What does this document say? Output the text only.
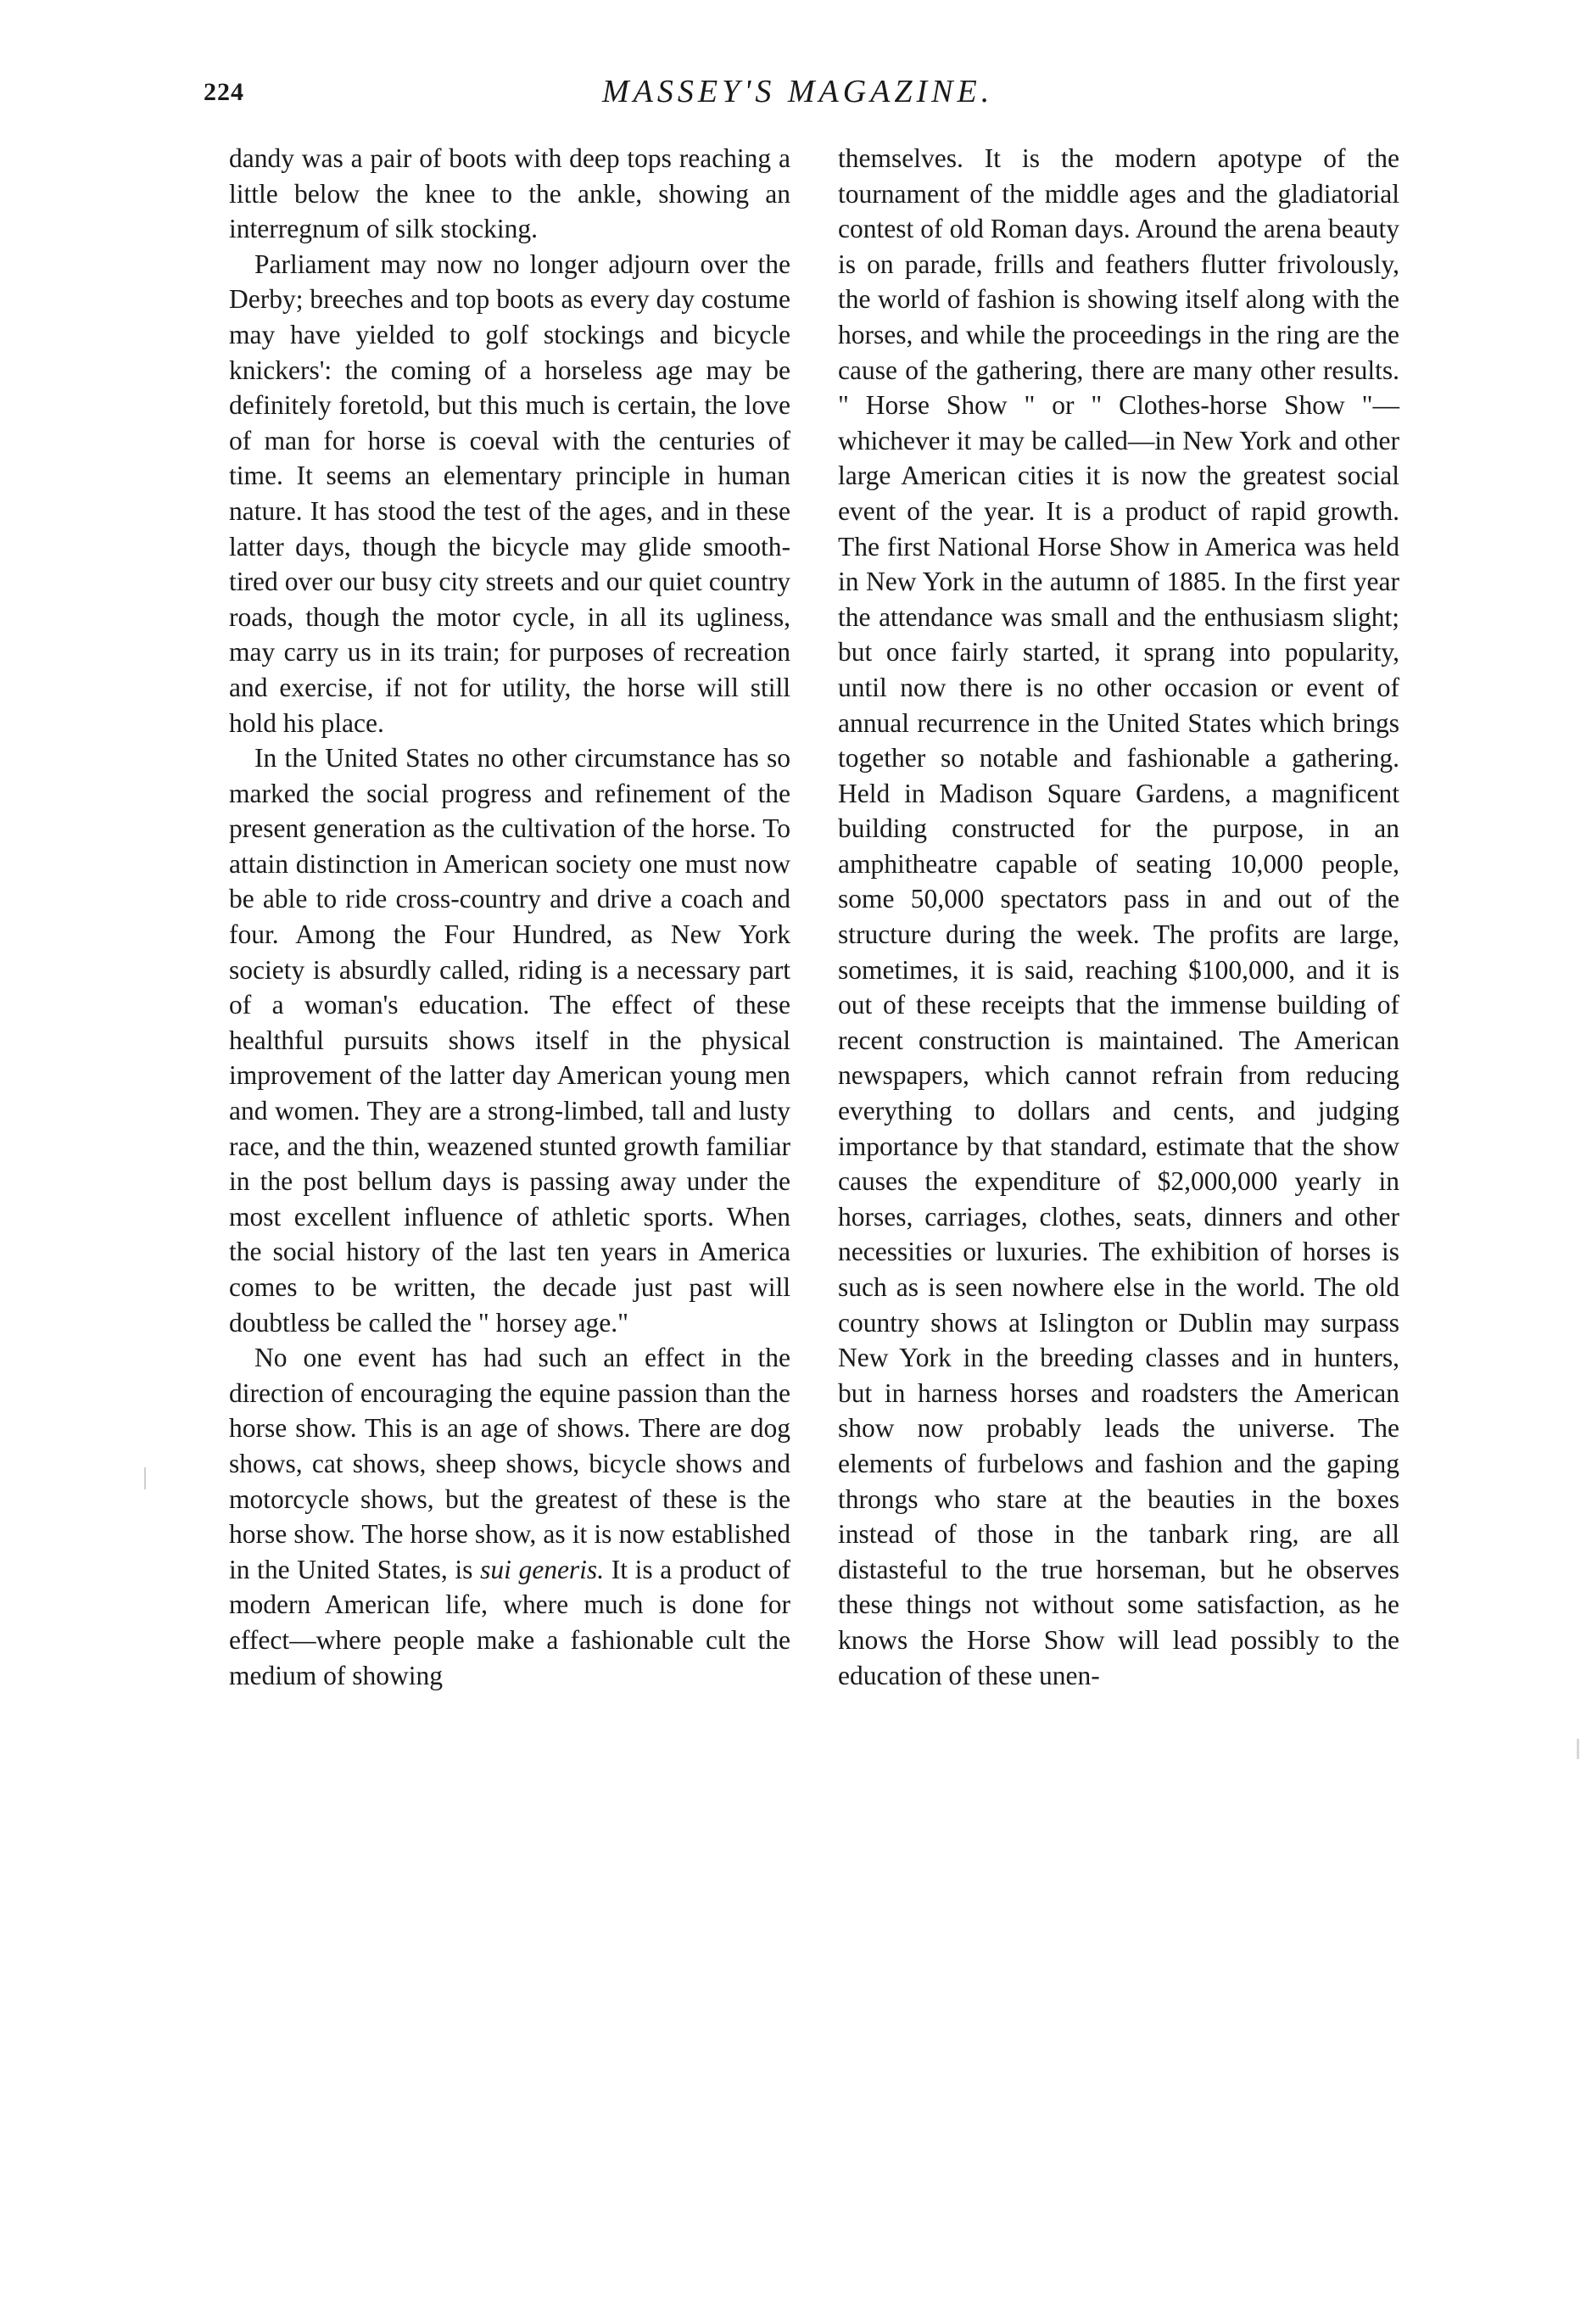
224	MASSEY'S MAGAZINE.

dandy was a pair of boots with deep tops reaching a little below the knee to the ankle, showing an interregnum of silk stocking.

Parliament may now no longer adjourn over the Derby; breeches and top boots as every day costume may have yielded to golf stockings and bicycle knickers': the coming of a horseless age may be definitely foretold, but this much is certain, the love of man for horse is coeval with the centuries of time. It seems an elementary principle in human nature. It has stood the test of the ages, and in these latter days, though the bicycle may glide smooth-tired over our busy city streets and our quiet country roads, though the motor cycle, in all its ugliness, may carry us in its train; for purposes of recreation and exercise, if not for utility, the horse will still hold his place.

In the United States no other circumstance has so marked the social progress and refinement of the present generation as the cultivation of the horse. To attain distinction in American society one must now be able to ride cross-country and drive a coach and four. Among the Four Hundred, as New York society is absurdly called, riding is a necessary part of a woman's education. The effect of these healthful pursuits shows itself in the physical improvement of the latter day American young men and women. They are a strong-limbed, tall and lusty race, and the thin, weazened stunted growth familiar in the post bellum days is passing away under the most excellent influence of athletic sports. When the social history of the last ten years in America comes to be written, the decade just past will doubtless be called the " horsey age."

No one event has had such an effect in the direction of encouraging the equine passion than the horse show. This is an age of shows. There are dog shows, cat shows, sheep shows, bicycle shows and motorcycle shows, but the greatest of these is the horse show. The horse show, as it is now established in the United States, is sui generis. It is a product of modern American life, where much is done for effect—where people make a fashionable cult the medium of showing

themselves. It is the modern apotype of the tournament of the middle ages and the gladiatorial contest of old Roman days. Around the arena beauty is on parade, frills and feathers flutter frivolously, the world of fashion is showing itself along with the horses, and while the proceedings in the ring are the cause of the gathering, there are many other results. " Horse Show " or " Clothes-horse Show "—whichever it may be called—in New York and other large American cities it is now the greatest social event of the year. It is a product of rapid growth. The first National Horse Show in America was held in New York in the autumn of 1885. In the first year the attendance was small and the enthusiasm slight; but once fairly started, it sprang into popularity, until now there is no other occasion or event of annual recurrence in the United States which brings together so notable and fashionable a gathering. Held in Madison Square Gardens, a magnificent building constructed for the purpose, in an amphitheatre capable of seating 10,000 people, some 50,000 spectators pass in and out of the structure during the week. The profits are large, sometimes, it is said, reaching $100,000, and it is out of these receipts that the immense building of recent construction is maintained. The American newspapers, which cannot refrain from reducing everything to dollars and cents, and judging importance by that standard, estimate that the show causes the expenditure of $2,000,000 yearly in horses, carriages, clothes, seats, dinners and other necessities or luxuries. The exhibition of horses is such as is seen nowhere else in the world. The old country shows at Islington or Dublin may surpass New York in the breeding classes and in hunters, but in harness horses and roadsters the American show now probably leads the universe. The elements of furbelows and fashion and the gaping throngs who stare at the beauties in the boxes instead of those in the tanbark ring, are all distasteful to the true horseman, but he observes these things not without some satisfaction, as he knows the Horse Show will lead possibly to the education of these unen-
